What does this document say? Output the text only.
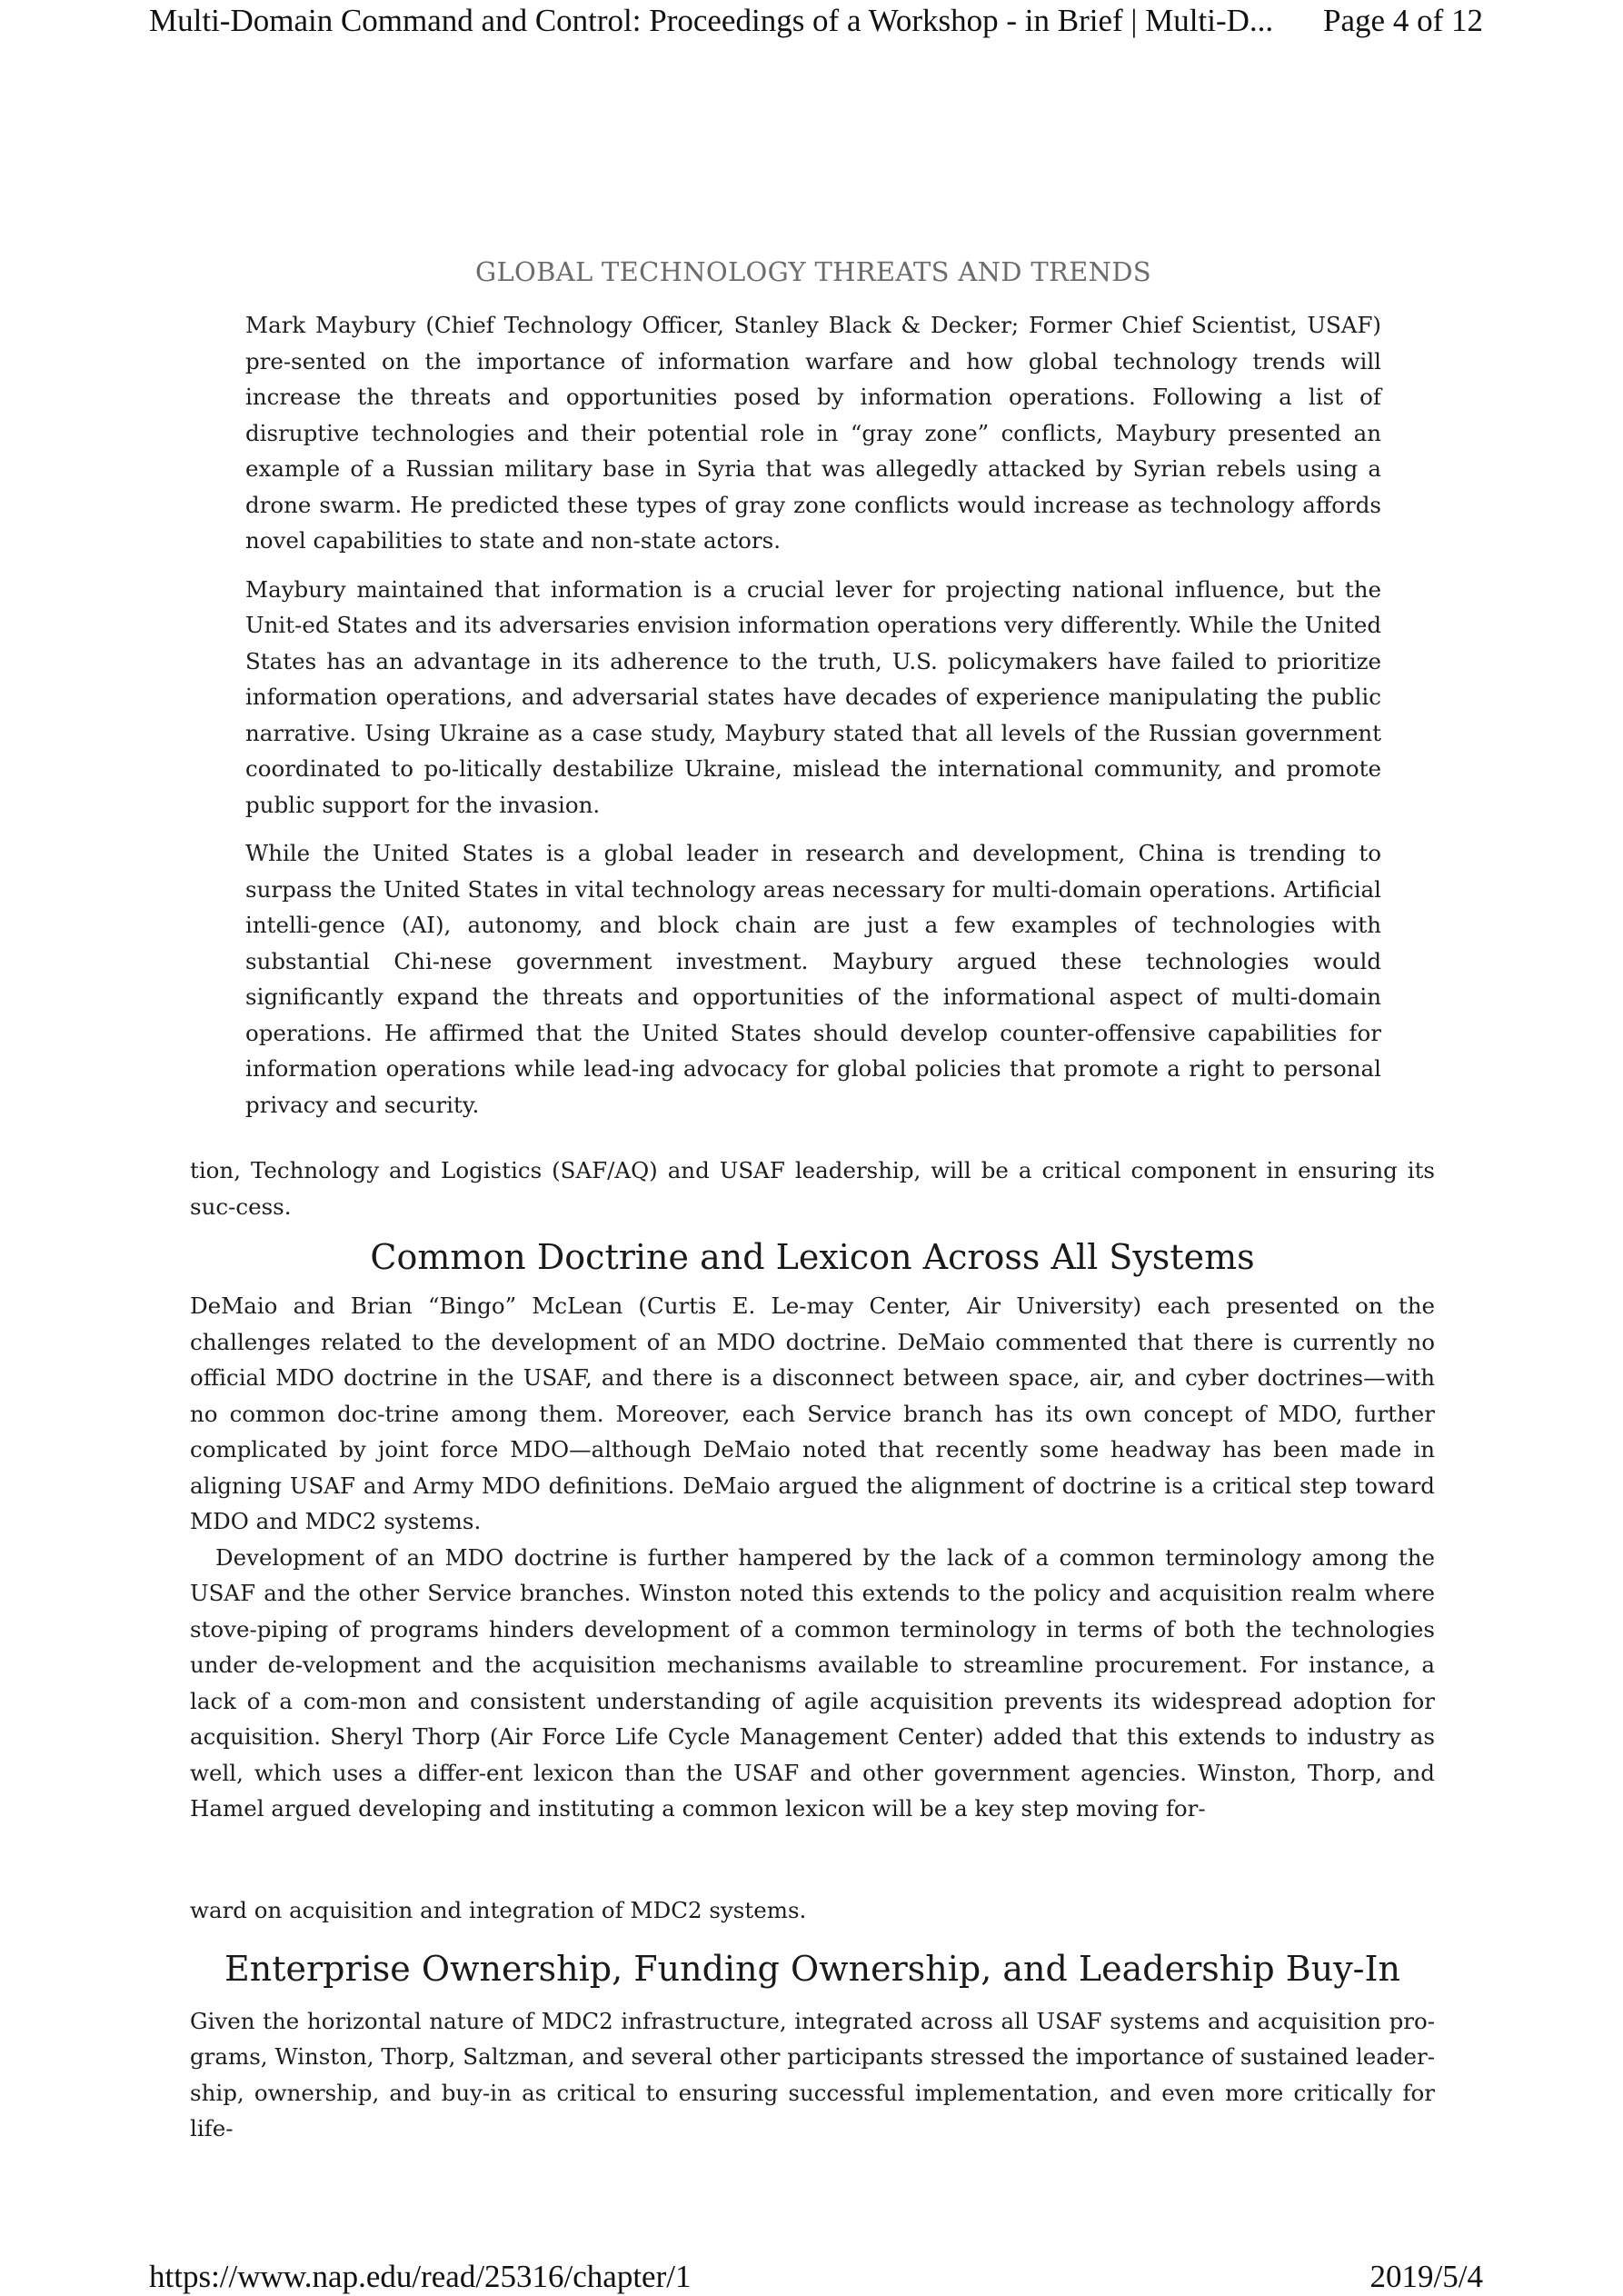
Page 4 of 12
Multi-Domain Command and Control: Proceedings of a Workshop - in Brief | Multi-D...
GLOBAL TECHNOLOGY THREATS AND TRENDS

Mark Maybury (Chief Technology Officer, Stanley Black & Decker; Former Chief Scientist, USAF) pre-sented on the importance of information warfare and how global technology trends will increase the threats and opportunities posed by information operations. Following a list of disruptive technologies and their potential role in “gray zone” conflicts, Maybury presented an example of a Russian military base in Syria that was allegedly attacked by Syrian rebels using a drone swarm. He predicted these types of gray zone conflicts would increase as technology affords novel capabilities to state and non-state actors.

Maybury maintained that information is a crucial lever for projecting national influence, but the Unit-ed States and its adversaries envision information operations very differently. While the United States has an advantage in its adherence to the truth, U.S. policymakers have failed to prioritize information operations, and adversarial states have decades of experience manipulating the public narrative. Using Ukraine as a case study, Maybury stated that all levels of the Russian government coordinated to po-litically destabilize Ukraine, mislead the international community, and promote public support for the invasion.

While the United States is a global leader in research and development, China is trending to surpass the United States in vital technology areas necessary for multi-domain operations. Artificial intelli-gence (AI), autonomy, and block chain are just a few examples of technologies with substantial Chi-nese government investment. Maybury argued these technologies would significantly expand the threats and opportunities of the informational aspect of multi-domain operations. He affirmed that the United States should develop counter-offensive capabilities for information operations while lead-ing advocacy for global policies that promote a right to personal privacy and security.

tion, Technology and Logistics (SAF/AQ) and USAF leadership, will be a critical component in ensuring its suc-cess.

Common Doctrine and Lexicon Across All Systems

DeMaio and Brian “Bingo” McLean (Curtis E. Le-may Center, Air University) each presented on the challenges related to the development of an MDO doctrine. DeMaio commented that there is currently no official MDO doctrine in the USAF, and there is a disconnect between space, air, and cyber doctrines—with no common doc-trine among them. Moreover, each Service branch has its own concept of MDO, further complicated by joint force MDO—although DeMaio noted that recently some headway has been made in aligning USAF and Army MDO definitions. DeMaio argued the alignment of doctrine is a critical step toward MDO and MDC2 systems.

Development of an MDO doctrine is further hampered by the lack of a common terminology among the USAF and the other Service branches. Winston noted this extends to the policy and acquisition realm where stove-piping of programs hinders development of a common terminology in terms of both the technologies under de-velopment and the acquisition mechanisms available to streamline procurement. For instance, a lack of a com-mon and consistent understanding of agile acquisition prevents its widespread adoption for acquisition. Sheryl Thorp (Air Force Life Cycle Management Center) added that this extends to industry as well, which uses a differ-ent lexicon than the USAF and other government agencies. Winston, Thorp, and Hamel argued developing and instituting a common lexicon will be a key step moving for-

ward on acquisition and integration of MDC2 systems.

Enterprise Ownership, Funding Ownership, and Leadership Buy-In

Given the horizontal nature of MDC2 infrastructure, integrated across all USAF systems and acquisition pro-grams, Winston, Thorp, Saltzman, and several other participants stressed the importance of sustained leader-ship, ownership, and buy-in as critical to ensuring successful implementation, and even more critically for life-

2019/5/4
https://www.nap.edu/read/25316/chapter/1
